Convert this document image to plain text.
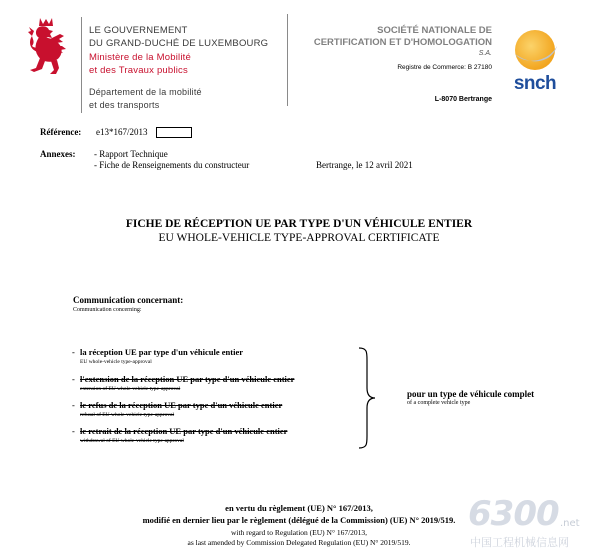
LE GOUVERNEMENT
DU GRAND-DUCHÉ DE LUXEMBOURG
Ministère de la Mobilité
et des Travaux publics
Département de la mobilité
et des transports
SOCIÉTÉ NATIONALE DE
CERTIFICATION ET D'HOMOLOGATION
S.A.
Registre de Commerce: B 27180
L-8070 Bertrange
snch
Référence: e13*167/2013
Annexes: - Rapport Technique
- Fiche de Renseignements du constructeur	Bertrange, le 12 avril 2021
FICHE DE RÉCEPTION UE PAR TYPE D'UN VÉHICULE ENTIER
EU WHOLE-VEHICLE TYPE-APPROVAL CERTIFICATE
Communication concernant:
Communication concerning:
- la réception UE par type d'un véhicule entier
EU whole-vehicle type-approval
- l'extension de la réception UE par type d'un véhicule entier
extension of EU whole-vehicle type-approval
- le refus de la réception UE par type d'un véhicule entier
refusal of EU whole-vehicle type-approval
- le retrait de la réception UE par type d'un véhicule entier
withdrawal of EU whole-vehicle type-approval
pour un type de véhicule complet
of a complete vehicle type
en vertu du règlement (UE) N° 167/2013,
modifié en dernier lieu par le règlement (délégué de la Commission) (UE) N° 2019/519.
with regard to Regulation (EU) N° 167/2013,
as last amended by Commission Delegated Regulation (EU) N° 2019/519.
6300 .net
中国工程机械信息网
